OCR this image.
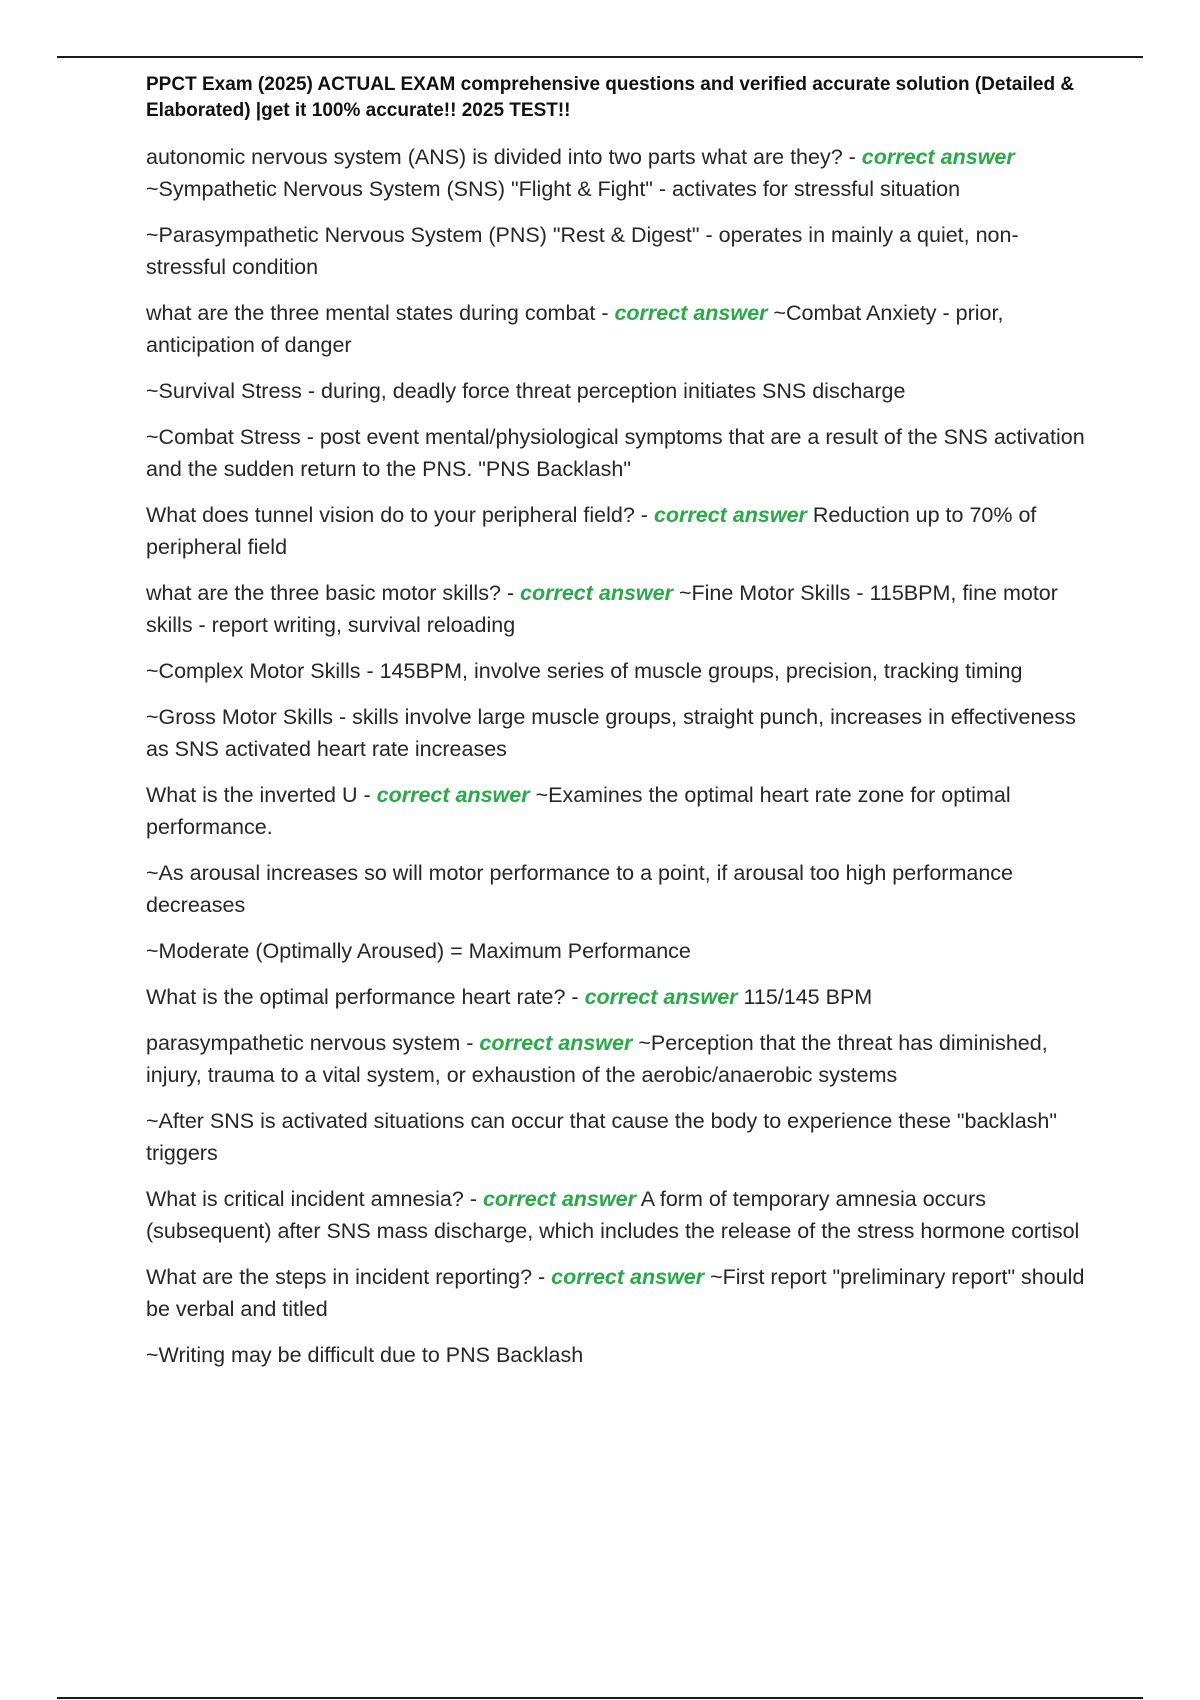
PPCT Exam (2025) ACTUAL EXAM comprehensive questions and verified accurate solution (Detailed & Elaborated) |get it 100% accurate!! 2025 TEST!!

autonomic nervous system (ANS) is divided into two parts what are they? - correct answer ~Sympathetic Nervous System (SNS) "Flight & Fight" - activates for stressful situation

~Parasympathetic Nervous System (PNS) "Rest & Digest" - operates in mainly a quiet, non-stressful condition

what are the three mental states during combat - correct answer ~Combat Anxiety - prior, anticipation of danger

~Survival Stress - during, deadly force threat perception initiates SNS discharge

~Combat Stress - post event mental/physiological symptoms that are a result of the SNS activation and the sudden return to the PNS. "PNS Backlash"

What does tunnel vision do to your peripheral field? - correct answer Reduction up to 70% of peripheral field

what are the three basic motor skills? - correct answer ~Fine Motor Skills - 115BPM, fine motor skills - report writing, survival reloading

~Complex Motor Skills - 145BPM, involve series of muscle groups, precision, tracking timing

~Gross Motor Skills - skills involve large muscle groups, straight punch, increases in effectiveness as SNS activated heart rate increases

What is the inverted U - correct answer ~Examines the optimal heart rate zone for optimal performance.

~As arousal increases so will motor performance to a point, if arousal too high performance decreases

~Moderate (Optimally Aroused) = Maximum Performance

What is the optimal performance heart rate? - correct answer 115/145 BPM

parasympathetic nervous system - correct answer ~Perception that the threat has diminished, injury, trauma to a vital system, or exhaustion of the aerobic/anaerobic systems

~After SNS is activated situations can occur that cause the body to experience these "backlash" triggers

What is critical incident amnesia? - correct answer A form of temporary amnesia occurs (subsequent) after SNS mass discharge, which includes the release of the stress hormone cortisol

What are the steps in incident reporting? - correct answer ~First report "preliminary report" should be verbal and titled

~Writing may be difficult due to PNS Backlash
